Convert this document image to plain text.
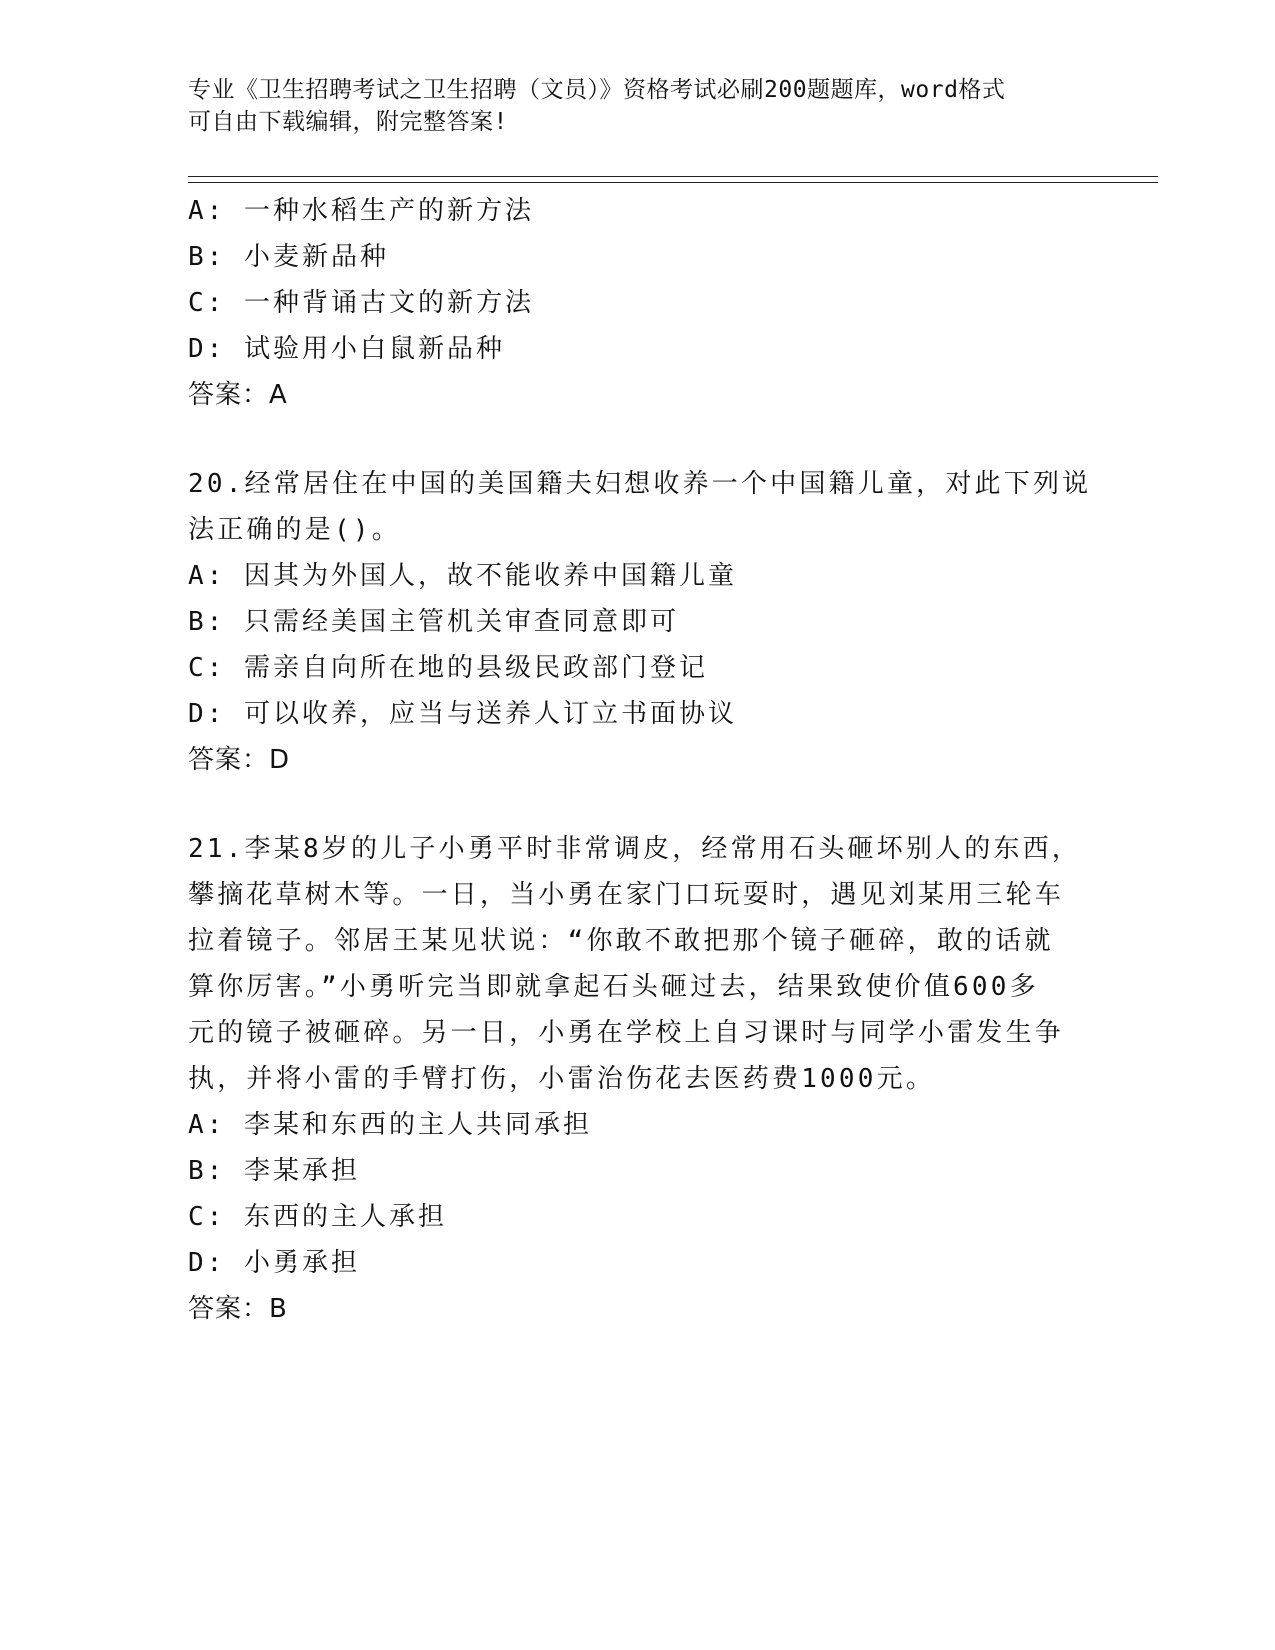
专业《卫生招聘考试之卫生招聘（文员）》资格考试必刷200题题库，word格式
可自由下载编辑，附完整答案!
A: 一种水稻生产的新方法
B: 小麦新品种
C: 一种背诵古文的新方法
D: 试验用小白鼠新品种
答案：A
20.经常居住在中国的美国籍夫妇想收养一个中国籍儿童，对此下列说
法正确的是()。
A: 因其为外国人，故不能收养中国籍儿童
B: 只需经美国主管机关审查同意即可
C: 需亲自向所在地的县级民政部门登记
D: 可以收养，应当与送养人订立书面协议
答案：D
21.李某8岁的儿子小勇平时非常调皮，经常用石头砸坏别人的东西，
攀摘花草树木等。一日，当小勇在家门口玩耍时，遇见刘某用三轮车
拉着镜子。邻居王某见状说：“你敢不敢把那个镜子砸碎，敢的话就
算你厉害。”小勇听完当即就拿起石头砸过去，结果致使价值600多
元的镜子被砸碎。另一日，小勇在学校上自习课时与同学小雷发生争
执，并将小雷的手臂打伤，小雷治伤花去医药费1000元。
A: 李某和东西的主人共同承担
B: 李某承担
C: 东西的主人承担
D: 小勇承担
答案：B
